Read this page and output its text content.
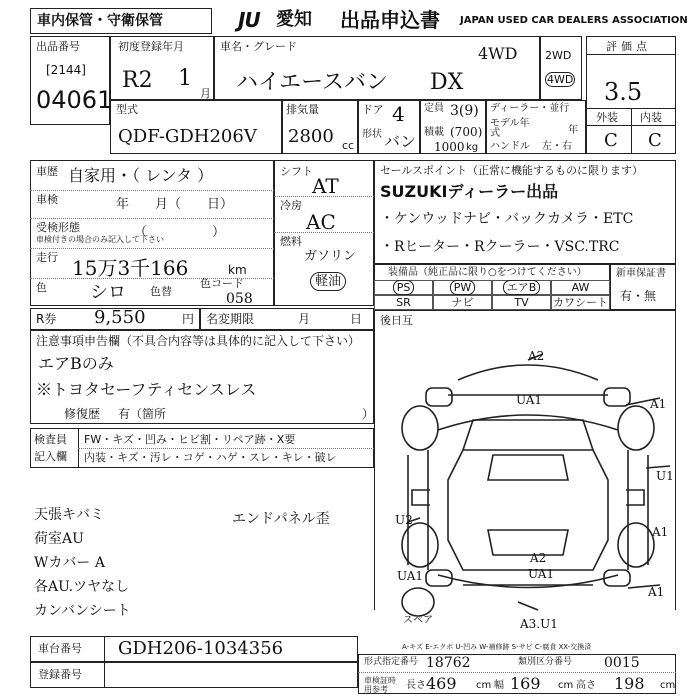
車内保管・守衛保管	JU 愛知 出品申込書 JAPAN USED CAR DEALERS ASSOCIATION
出品番号
[2144]
04061
初度登録年月
R2 1
月
車名・グレード	4WD
ハイエースバン DX
2WD
4WD
評価点
3.5
外装 内装
C C
型式
QDF-GDH206V
排気量
2800 cc
ドア 4
形状 バン
定員 3(9)
積載 (700)
1000 kg
ディーラー・並行
モデル年式	年
ハンドル 左・右
車歴 自家用・（ レンタ ）
車検	年　　月（　　日）
受検形態
車検付きの場合のみ記入して下さい
（　　　　　）
走行 15万3千166	km
色 シロ 色替
色コード
058
シフト
AT
冷房
AC
燃料
ガソリン
軽油
セールスポイント（正常に機能するものに限ります）
SUZUKIディーラー出品
・ケンウッドナビ・バックカメラ・ETC
・Rヒーター・Rクーラー・VSC.TRC
装備品（純正品に限り○をつけてください）
PS	PW	エアB	AW
SR	ナビ	TV	カワシート
新車保証書
有・無
R券 9,550	円 名変期限	月	日
注意事項申告欄（不具合内容等は具体的に記入して下さい）
エアBのみ
※トヨタセーフティセンスレス
修復歴 有（箇所	）
後日互
検査員
記入欄
FW・キズ・凹み・ヒビ割・リペア跡・X要
内装・キズ・汚レ・コゲ・ハゲ・スレ・キレ・破レ
天張キバミ
荷室AU
Wカバー A
各AU.ツヤなし
カンバンシート
エンドパネル歪
A2
UA1	A1
U1
A1
U2
A2
UA1
UA1
A1
A3.U1
スペア
A-キズ E-エクボ U-凹み W-補修跡 S-サビ C-腐食 XX-交換済
車台番号 GDH206-1034356
登録番号
形式指定番号 18762	類別区分番号 0015
車検証時用参考	長さ 469 cm 幅 169 cm 高さ 198 cm
